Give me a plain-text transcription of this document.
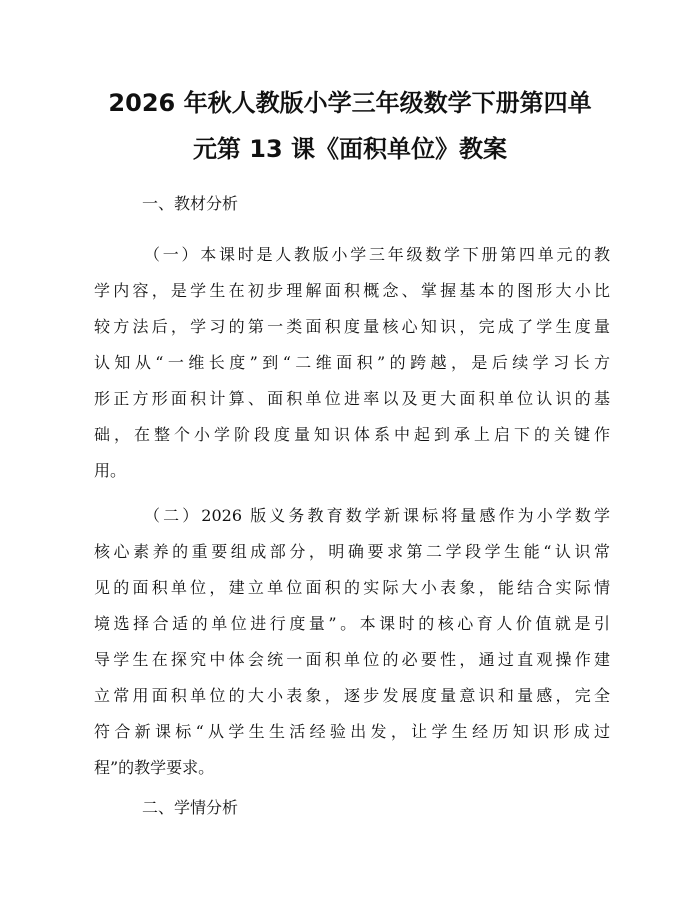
2026 年秋人教版小学三年级数学下册第四单
元第 13 课《面积单位》教案
一、教材分析
（一）本课时是人教版小学三年级数学下册第四单元的教
学内容，是学生在初步理解面积概念、掌握基本的图形大小比
较方法后，学习的第一类面积度量核心知识，完成了学生度量
认知从“一维长度”到“二维面积”的跨越，是后续学习长方
形正方形面积计算、面积单位进率以及更大面积单位认识的基
础，在整个小学阶段度量知识体系中起到承上启下的关键作
用。
（二）2026 版义务教育数学新课标将量感作为小学数学
核心素养的重要组成部分，明确要求第二学段学生能“认识常
见的面积单位，建立单位面积的实际大小表象，能结合实际情
境选择合适的单位进行度量”。本课时的核心育人价值就是引
导学生在探究中体会统一面积单位的必要性，通过直观操作建
立常用面积单位的大小表象，逐步发展度量意识和量感，完全
符合新课标“从学生生活经验出发，让学生经历知识形成过
程”的教学要求。
二、学情分析
